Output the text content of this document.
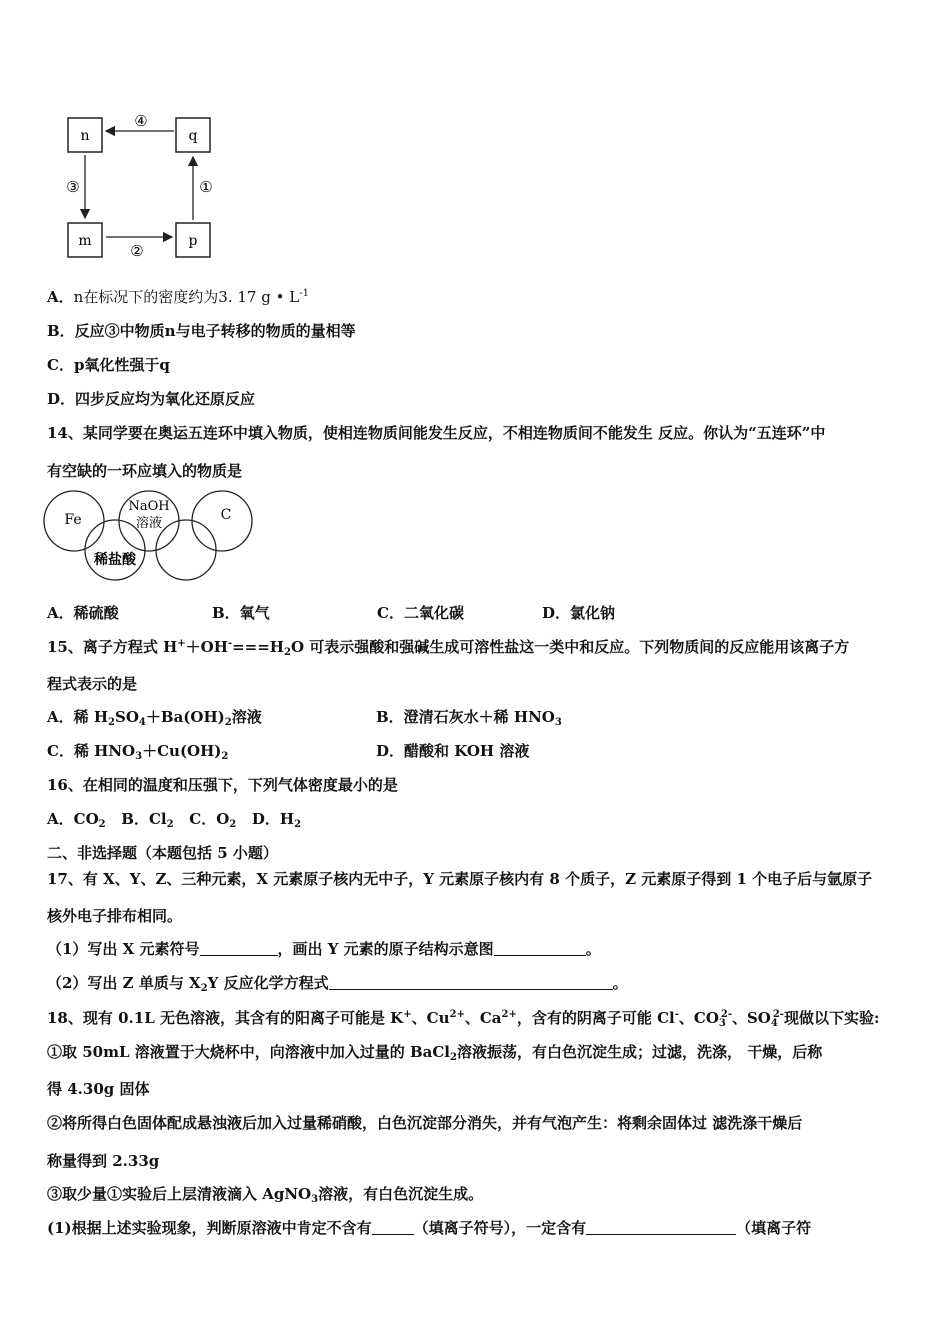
n	q
m	p
④
③	①
②
A．n在标况下的密度约为3. 17 g • $L^{-1}$
B．反应③中物质n与电子转移的物质的量相等
C．p氧化性强于q
D．四步反应均为氧化还原反应
14、某同学要在奥运五连环中填入物质，使相连物质间能发生反应，不相连物质间不能发生 反应。你认为“五连环”中
有空缺的一环应填入的物质是
Fe
NaOH
溶液
C
稀盐酸
A．稀硫酸	B．氧气	C．二氧化碳	D．氯化钠
15、离子方程式 $H^++OH^-===H_2O$ 可表示强酸和强碱生成可溶性盐这一类中和反应。下列物质间的反应能用该离子方
程式表示的是
A．稀 $H_2SO_4+Ba(OH)_2$溶液	B．澄清石灰水＋稀 $HNO_3$
C．稀 $HNO_3+Cu(OH)_2$	D．醋酸和 KOH 溶液
16、在相同的温度和压强下，下列气体密度最小的是
A．$CO_2$ B．$Cl_2$ C．$O_2$ D．$H_2$
二、非选择题（本题包括 5 小题）
17、有 X、Y、Z、三种元素，X 元素原子核内无中子，Y 元素原子核内有 8 个质子，Z 元素原子得到 1 个电子后与氩原子
核外电子排布相同。
（1）写出 X 元素符号	，画出 Y 元素的原子结构示意图	。
（2）写出 Z 单质与 $X_2Y$ 反应化学方程式	。
18、现有 0.1L 无色溶液，其含有的阳离子可能是 K+、$Cu^{2+}$、$Ca^{2+}$，含有的阴离子可能 Cl-、$CO_3^{2-}$、$SO_4^{2-}$现做以下实验:
①取 50mL 溶液置于大烧杯中，向溶液中加入过量的 BaCl$_2$溶液振荡，有白色沉淀生成；过滤，洗涤， 干燥，后称
得 4.30g 固体
②将所得白色固体配成悬浊液后加入过量稀硝酸，白色沉淀部分消失，并有气泡产生：将剩余固体过 滤洗涤干燥后
称量得到 2.33g
③取少量①实验后上层清液滴入 AgNO$_3$溶液，有白色沉淀生成。
(1)根据上述实验现象，判断原溶液中肯定不含有	（填离子符号），一定含有	（填离子符
